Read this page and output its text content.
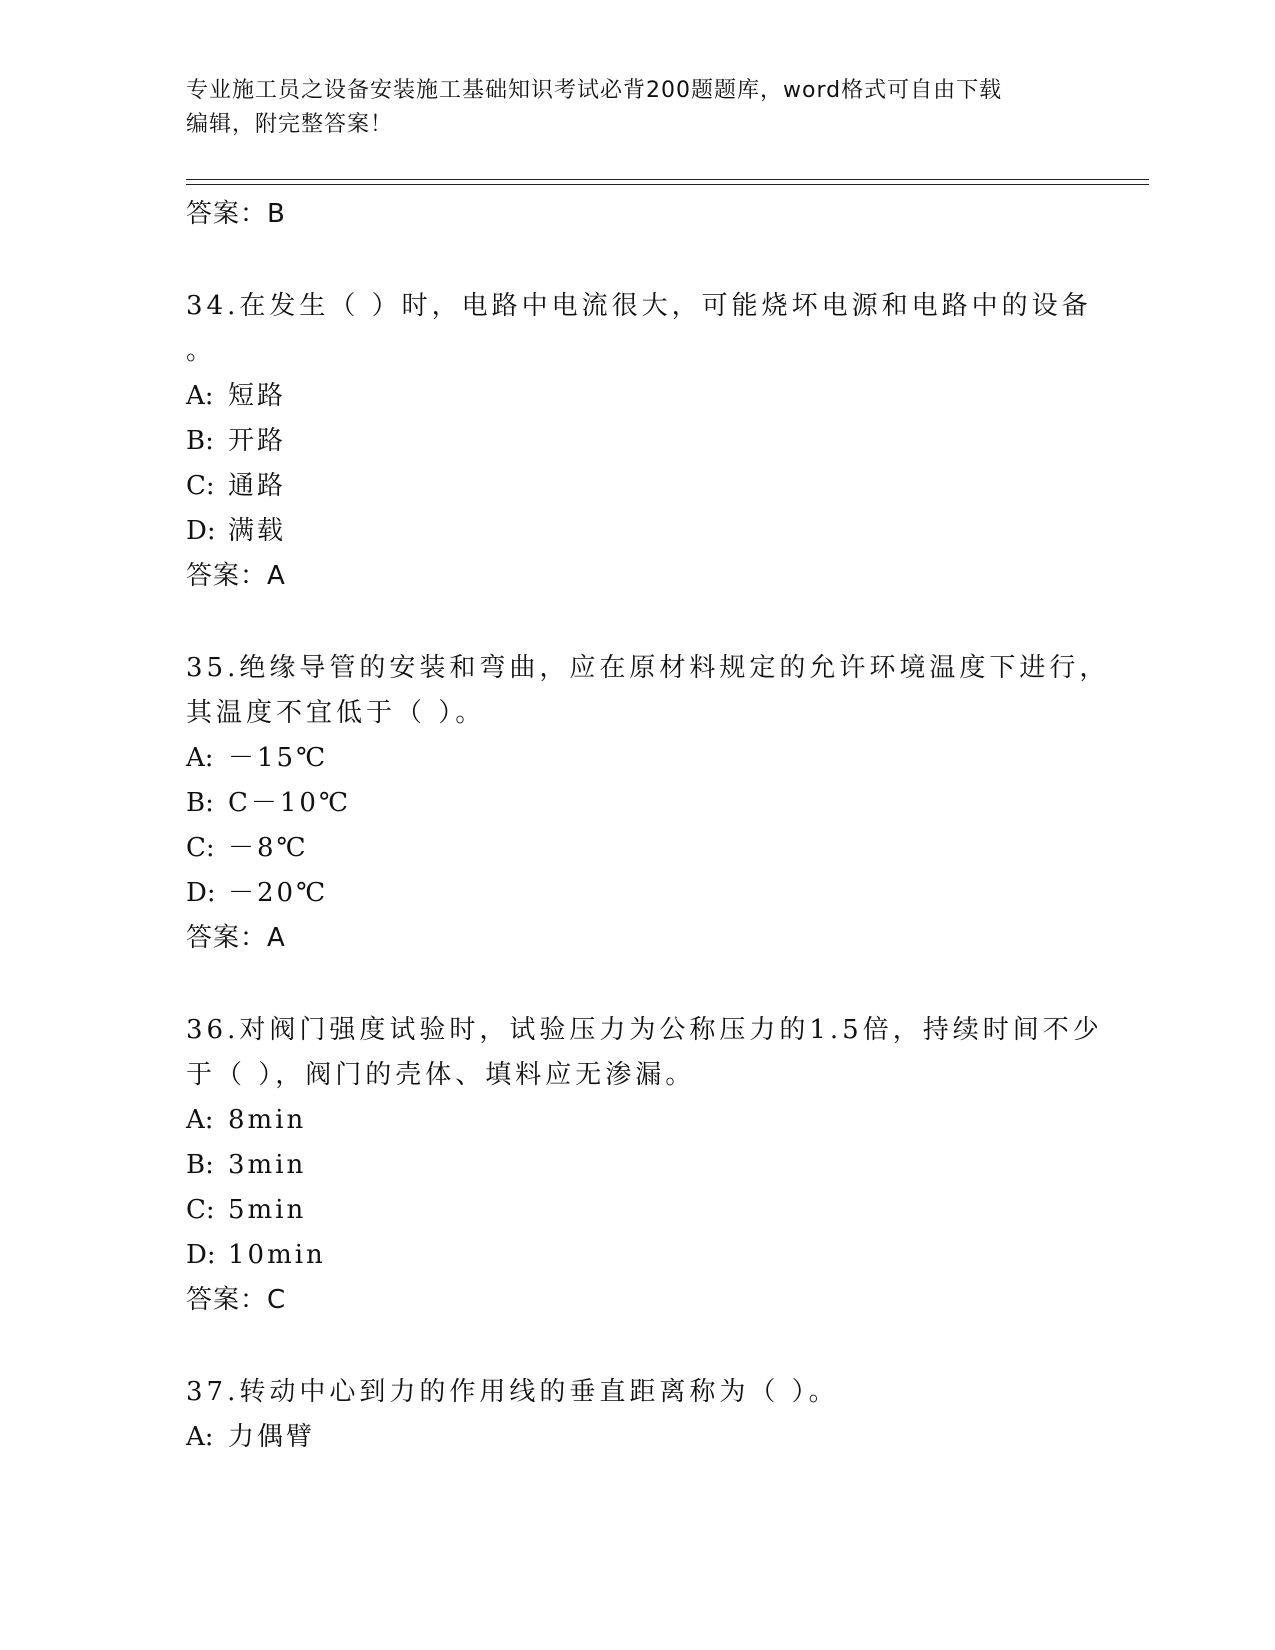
专业施工员之设备安装施工基础知识考试必背200题题库，word格式可自由下载
编辑，附完整答案！
答案：B
34.在发生（ ）时，电路中电流很大，可能烧坏电源和电路中的设备
。
A: 短路
B: 开路
C: 通路
D: 满载
答案：A
35.绝缘导管的安装和弯曲，应在原材料规定的允许环境温度下进行，
其温度不宜低于（ ）。
A: －15℃
B: C－10℃
C: －8℃
D: －20℃
答案：A
36.对阀门强度试验时，试验压力为公称压力的1.5倍，持续时间不少
于（ ），阀门的壳体、填料应无渗漏。
A: 8min
B: 3min
C: 5min
D: 10min
答案：C
37.转动中心到力的作用线的垂直距离称为（ ）。
A: 力偶臂
